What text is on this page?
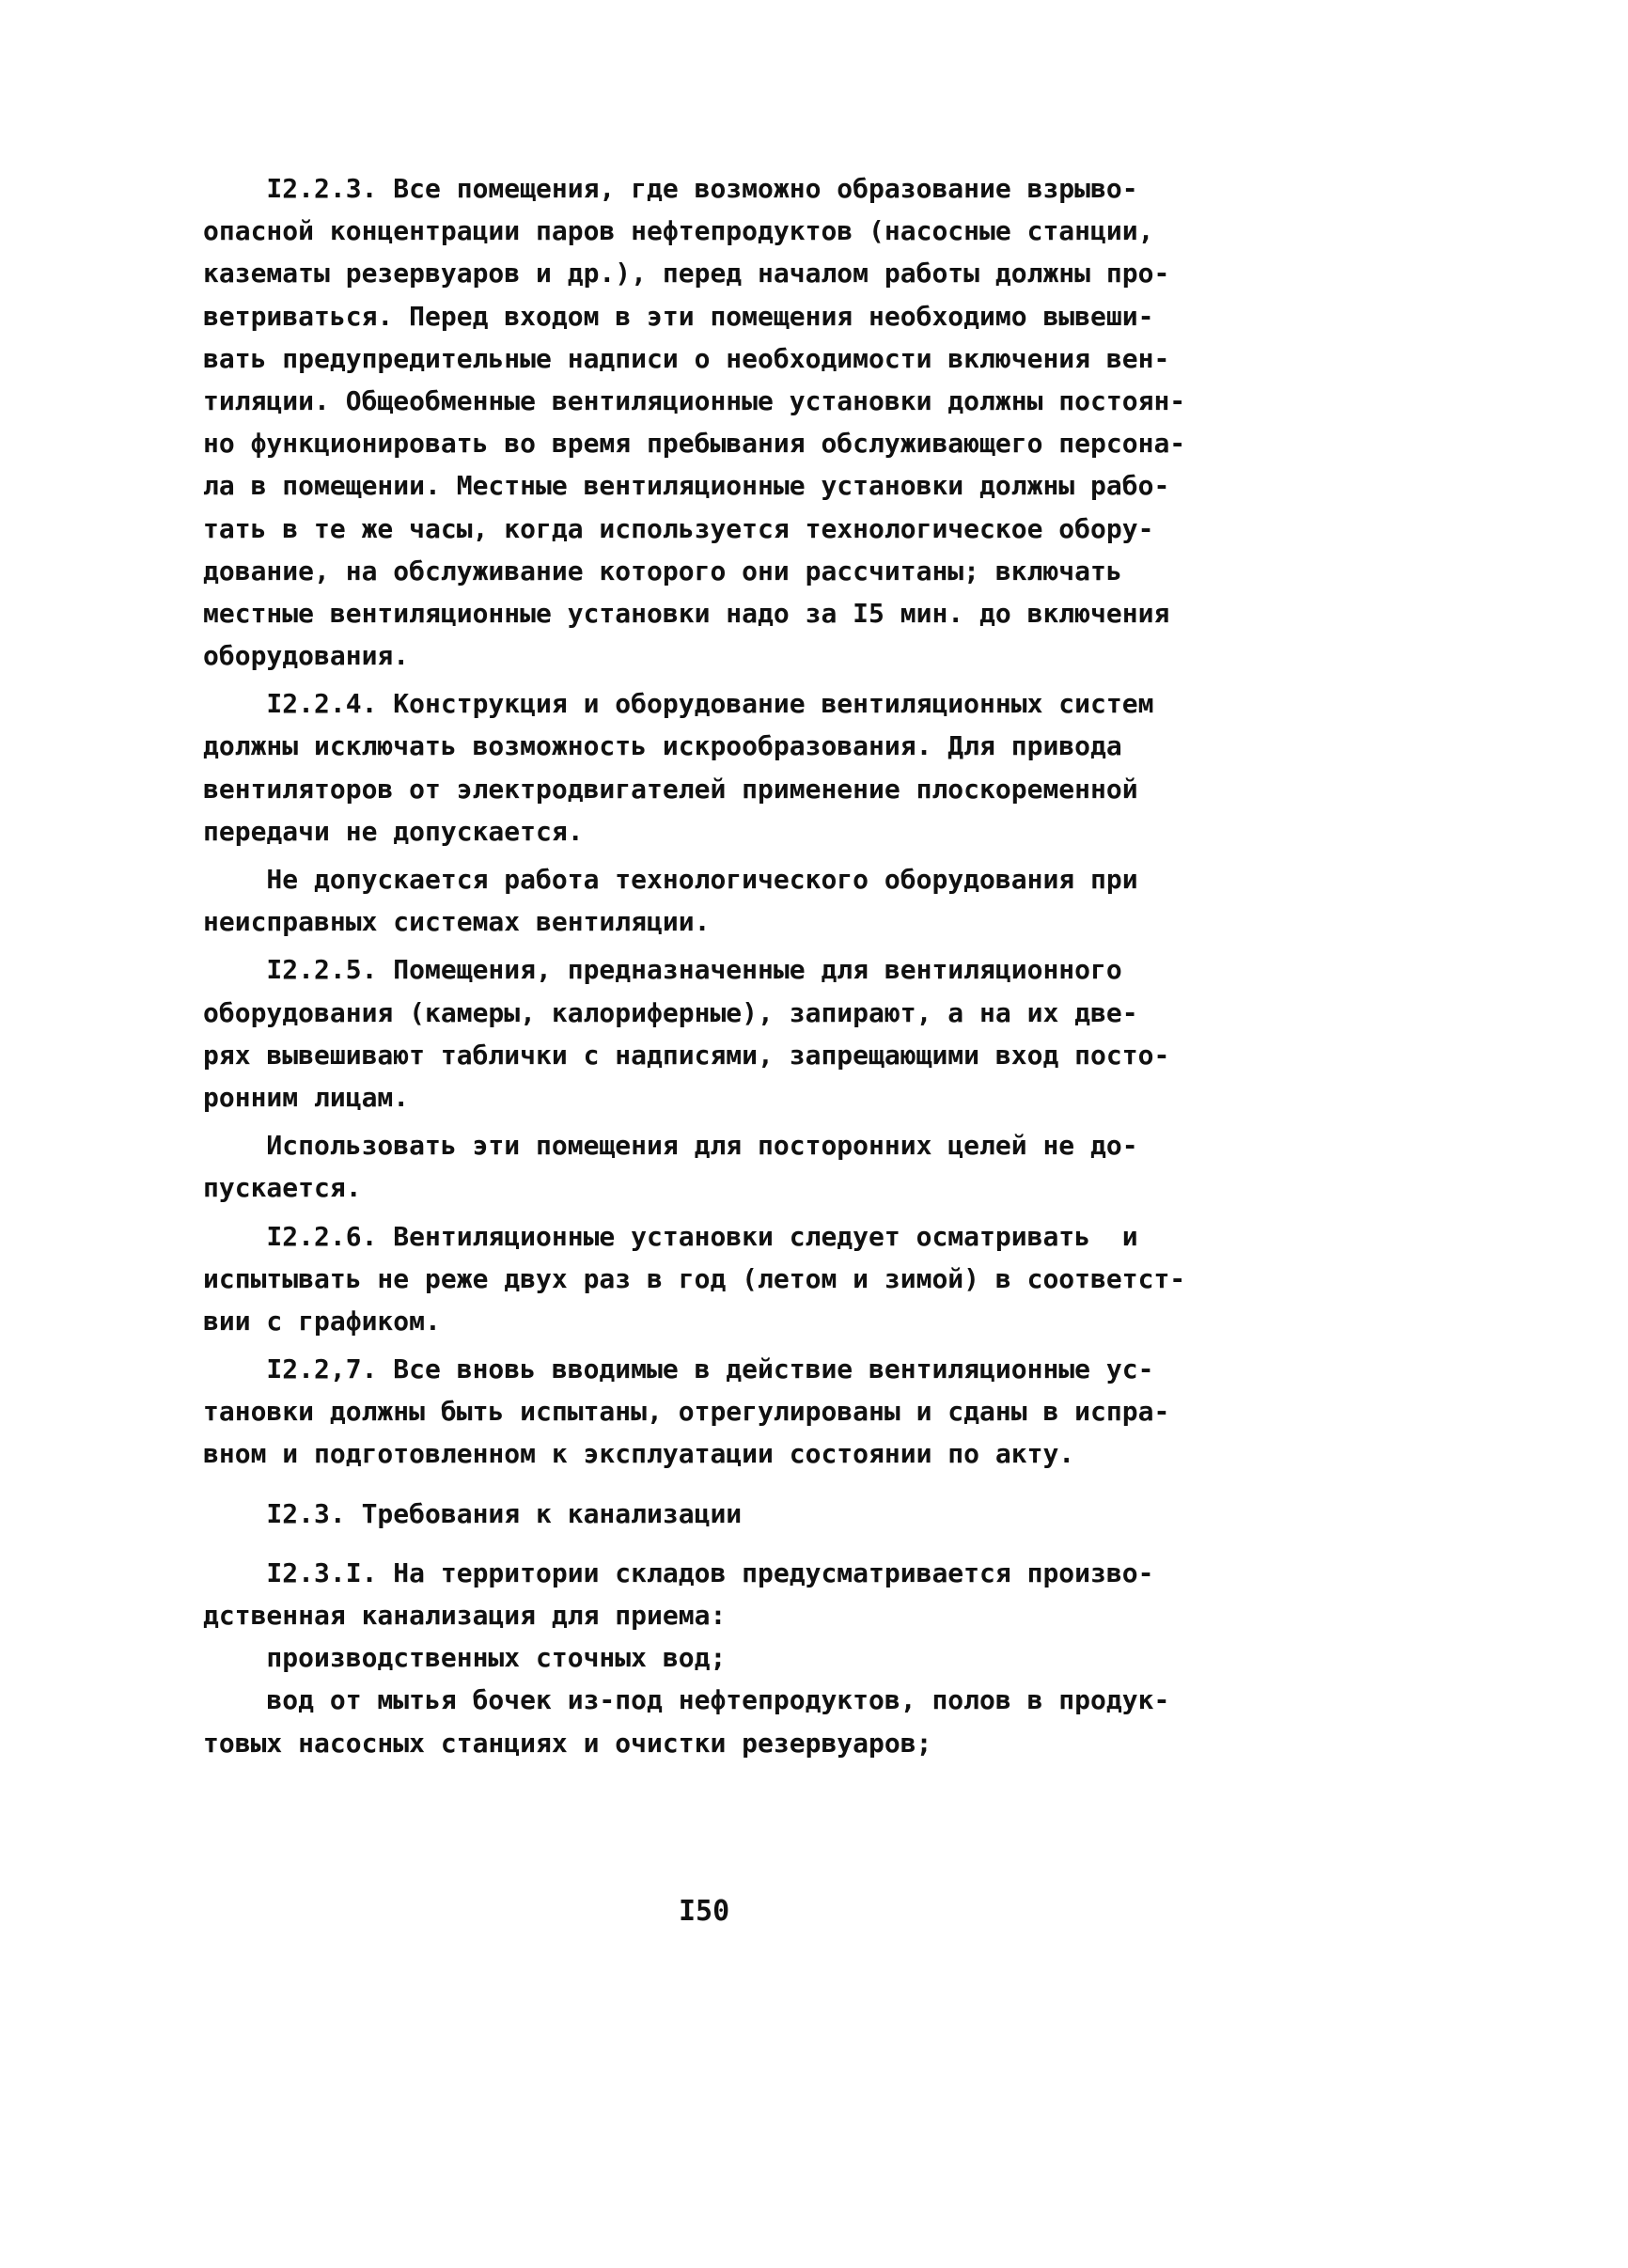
I2.2.3. Все помещения, где возможно образование взрыво-
опасной концентрации паров нефтепродуктов (насосные станции,
казематы резервуаров и др.), перед началом работы должны про-
ветриваться. Перед входом в эти помещения необходимо вывеши-
вать предупредительные надписи о необходимости включения вен-
тиляции. Общеобменные вентиляционные установки должны постоян-
но функционировать во время пребывания обслуживающего персона-
ла в помещении. Местные вентиляционные установки должны рабо-
тать в те же часы, когда используется технологическое обору-
дование, на обслуживание которого они рассчитаны; включать
местные вентиляционные установки надо за I5 мин. до включения
оборудования.
I2.2.4. Конструкция и оборудование вентиляционных систем
должны исключать возможность искрообразования. Для привода
вентиляторов от электродвигателей применение плоскоременной
передачи не допускается.
Не допускается работа технологического оборудования при
неисправных системах вентиляции.
I2.2.5. Помещения, предназначенные для вентиляционного
оборудования (камеры, калориферные), запирают, а на их две-
рях вывешивают таблички с надписями, запрещающими вход посто-
ронним лицам.
Использовать эти помещения для посторонних целей не до-
пускается.
I2.2.6. Вентиляционные установки следует осматривать  и
испытывать не реже двух раз в год (летом и зимой) в соответст-
вии с графиком.
I2.2,7. Все вновь вводимые в действие вентиляционные ус-
тановки должны быть испытаны, отрегулированы и сданы в испра-
вном и подготовленном к эксплуатации состоянии по акту.
I2.3. Требования к канализации
I2.3.I. На территории складов предусматривается произво-
дственная канализация для приема:
производственных сточных вод;
вод от мытья бочек из-под нефтепродуктов, полов в продук-
товых насосных станциях и очистки резервуаров;
I50
